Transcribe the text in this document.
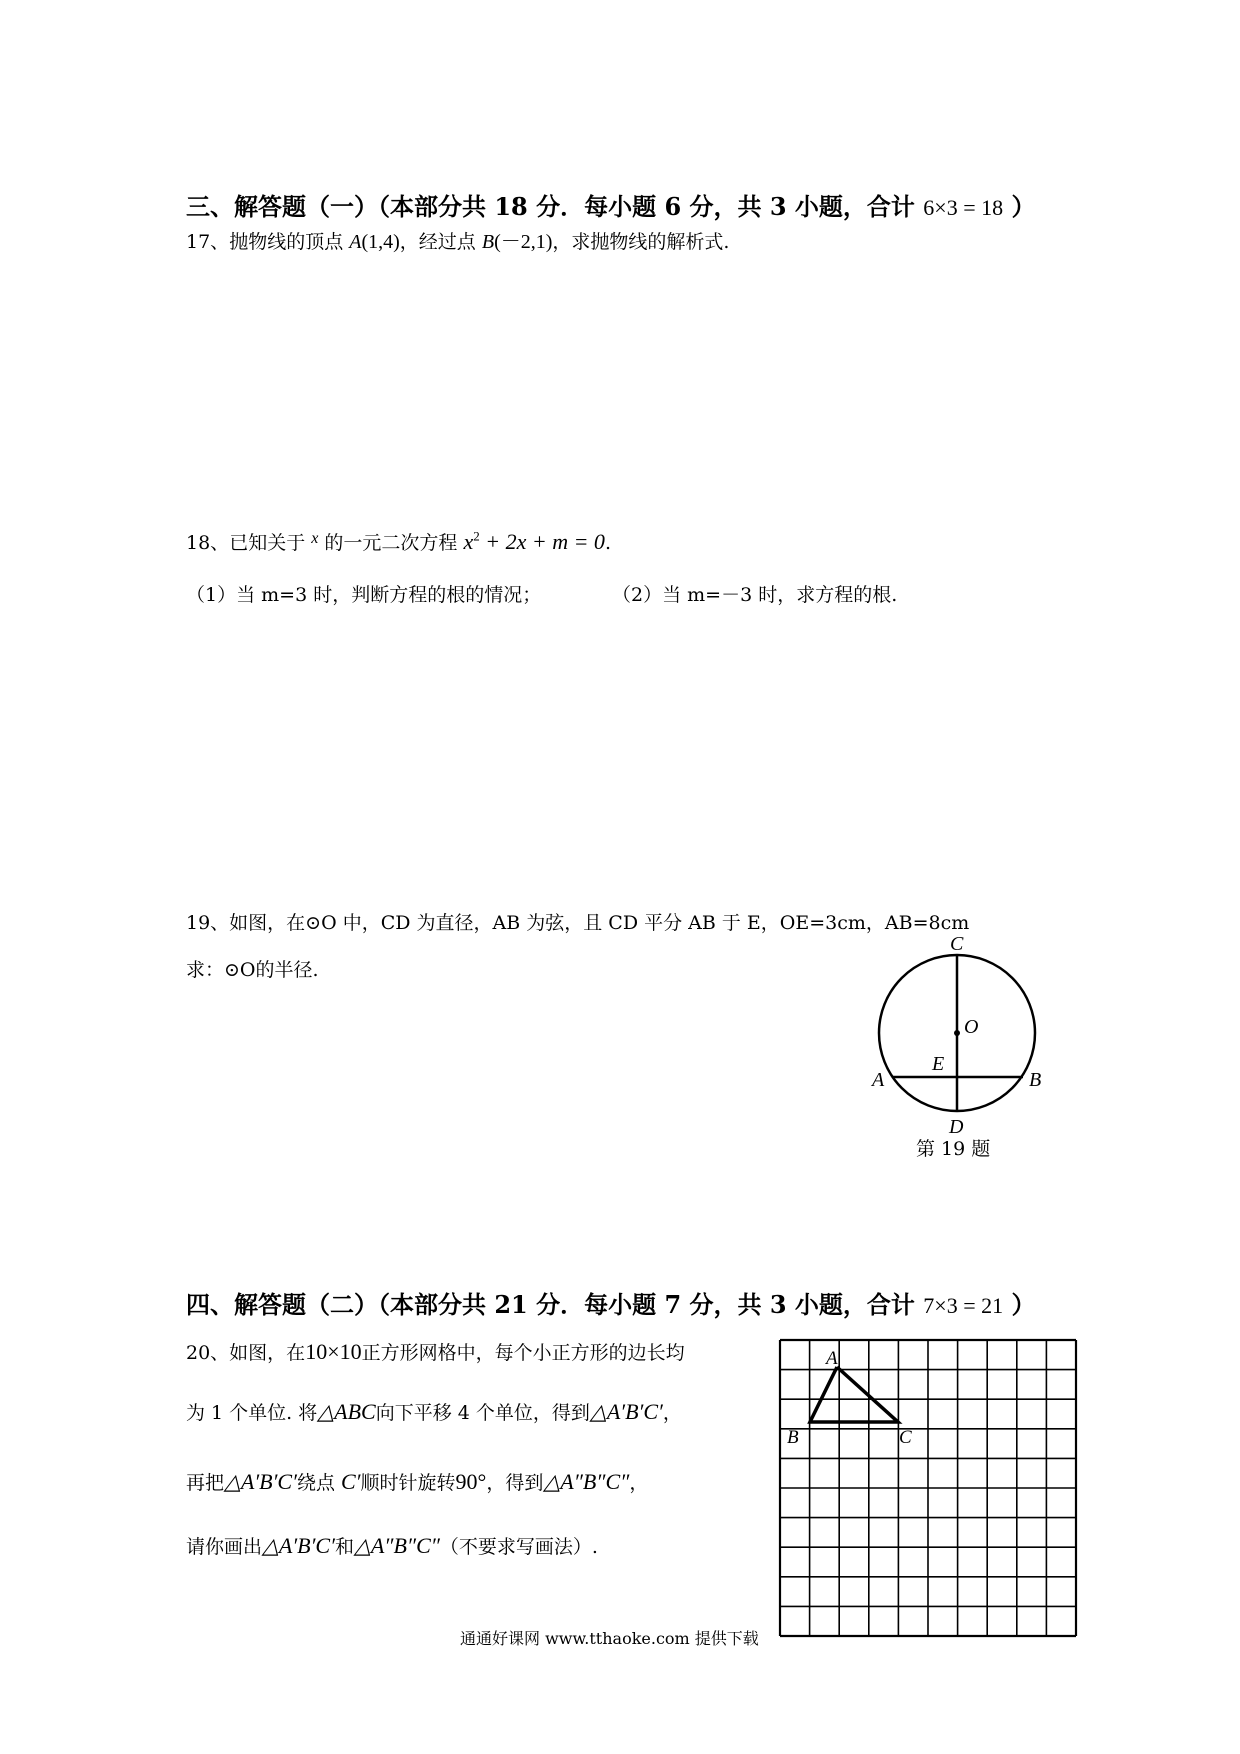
三、解答题（一）（本部分共 18 分．每小题 6 分，共 3 小题，合计 6×3 = 18 ）
17、抛物线的顶点 A(1,4)，经过点 B(－2,1)，求抛物线的解析式.
18、已知关于 $^x$ 的一元二次方程 $x^2 + 2x + m = 0$.
（1）当 m=3 时，判断方程的根的情况；	（2）当 m=－3 时，求方程的根.
19、如图，在⊙O 中，CD 为直径，AB 为弦，且 CD 平分 AB 于 E，OE=3cm，AB=8cm
求：⊙O的半径.
C
O
E
A	B
D
第 19 题
四、解答题（二）（本部分共 21 分．每小题 7 分，共 3 小题，合计 7×3 = 21 ）
20、如图，在10×10正方形网格中，每个小正方形的边长均
为 1 个单位. 将△ABC向下平移 4 个单位，得到△A′B′C′，
再把△A′B′C′绕点 C′顺时针旋转90°，得到△A″B″C″，
请你画出△A′B′C′和△A″B″C″（不要求写画法）.
A
B	C
通通好课网 www.tthaoke.com 提供下载
